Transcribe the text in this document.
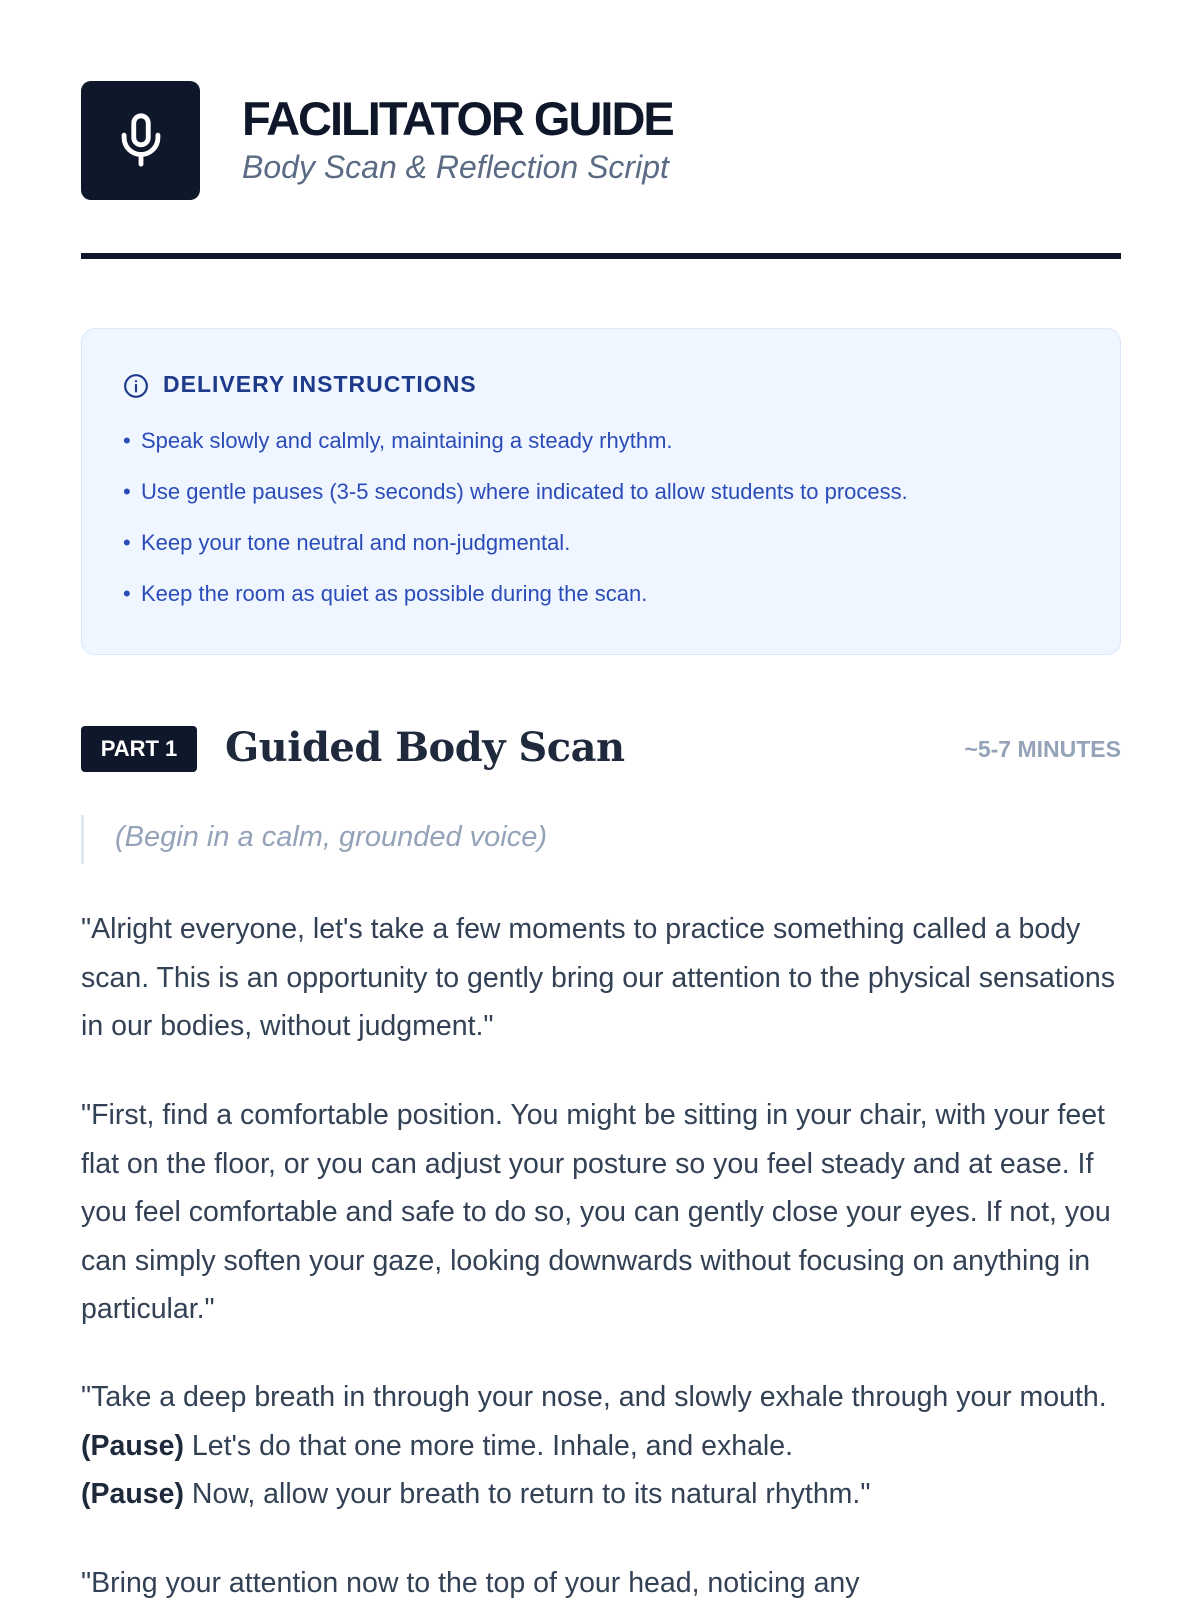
FACILITATOR GUIDE
Body Scan & Reflection Script
DELIVERY INSTRUCTIONS
• Speak slowly and calmly, maintaining a steady rhythm.
• Use gentle pauses (3-5 seconds) where indicated to allow students to process.
• Keep your tone neutral and non-judgmental.
• Keep the room as quiet as possible during the scan.
PART 1	Guided Body Scan	~5-7 MINUTES
(Begin in a calm, grounded voice)

"Alright everyone, let's take a few moments to practice something called a body scan. This is an opportunity to gently bring our attention to the physical sensations in our bodies, without judgment."

"First, find a comfortable position. You might be sitting in your chair, with your feet flat on the floor, or you can adjust your posture so you feel steady and at ease. If you feel comfortable and safe to do so, you can gently close your eyes. If not, you can simply soften your gaze, looking downwards without focusing on anything in particular."

"Take a deep breath in through your nose, and slowly exhale through your mouth. (Pause) Let's do that one more time. Inhale, and exhale.
(Pause) Now, allow your breath to return to its natural rhythm."

"Bring your attention now to the top of your head, noticing any
